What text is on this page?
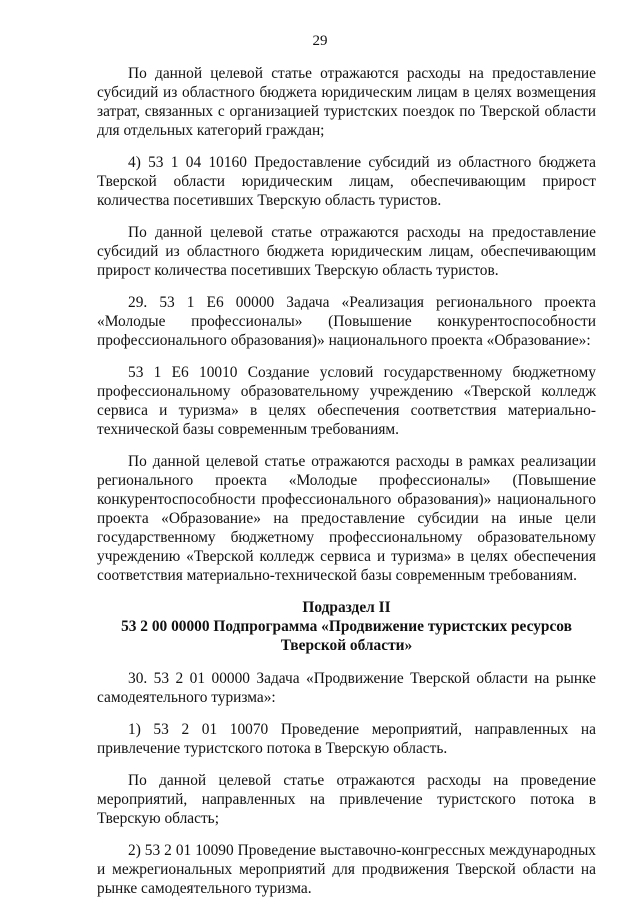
29

По данной целевой статье отражаются расходы на предоставление субсидий из областного бюджета юридическим лицам в целях возмещения затрат, связанных с организацией туристских поездок по Тверской области для отдельных категорий граждан;

4) 53 1 04 10160 Предоставление субсидий из областного бюджета Тверской области юридическим лицам, обеспечивающим прирост количества посетивших Тверскую область туристов.

По данной целевой статье отражаются расходы на предоставление субсидий из областного бюджета юридическим лицам, обеспечивающим прирост количества посетивших Тверскую область туристов.

29. 53 1 Е6 00000 Задача «Реализация регионального проекта «Молодые профессионалы» (Повышение конкурентоспособности профессионального образования)» национального проекта «Образование»:

53 1 Е6 10010 Создание условий государственному бюджетному профессиональному образовательному учреждению «Тверской колледж сервиса и туризма» в целях обеспечения соответствия материально-технической базы современным требованиям.

По данной целевой статье отражаются расходы в рамках реализации регионального проекта «Молодые профессионалы» (Повышение конкурентоспособности профессионального образования)» национального проекта «Образование» на предоставление субсидии на иные цели государственному бюджетному профессиональному образовательному учреждению «Тверской колледж сервиса и туризма» в целях обеспечения соответствия материально-технической базы современным требованиям.

Подраздел II

53 2 00 00000 Подпрограмма «Продвижение туристских ресурсов

Тверской области»

30. 53 2 01 00000 Задача «Продвижение Тверской области на рынке самодеятельного туризма»:

1) 53 2 01 10070 Проведение мероприятий, направленных на привлечение туристского потока в Тверскую область.

По данной целевой статье отражаются расходы на проведение мероприятий, направленных на привлечение туристского потока в Тверскую область;

2) 53 2 01 10090 Проведение выставочно-конгрессных международных и межрегиональных мероприятий для продвижения Тверской области на рынке самодеятельного туризма.
